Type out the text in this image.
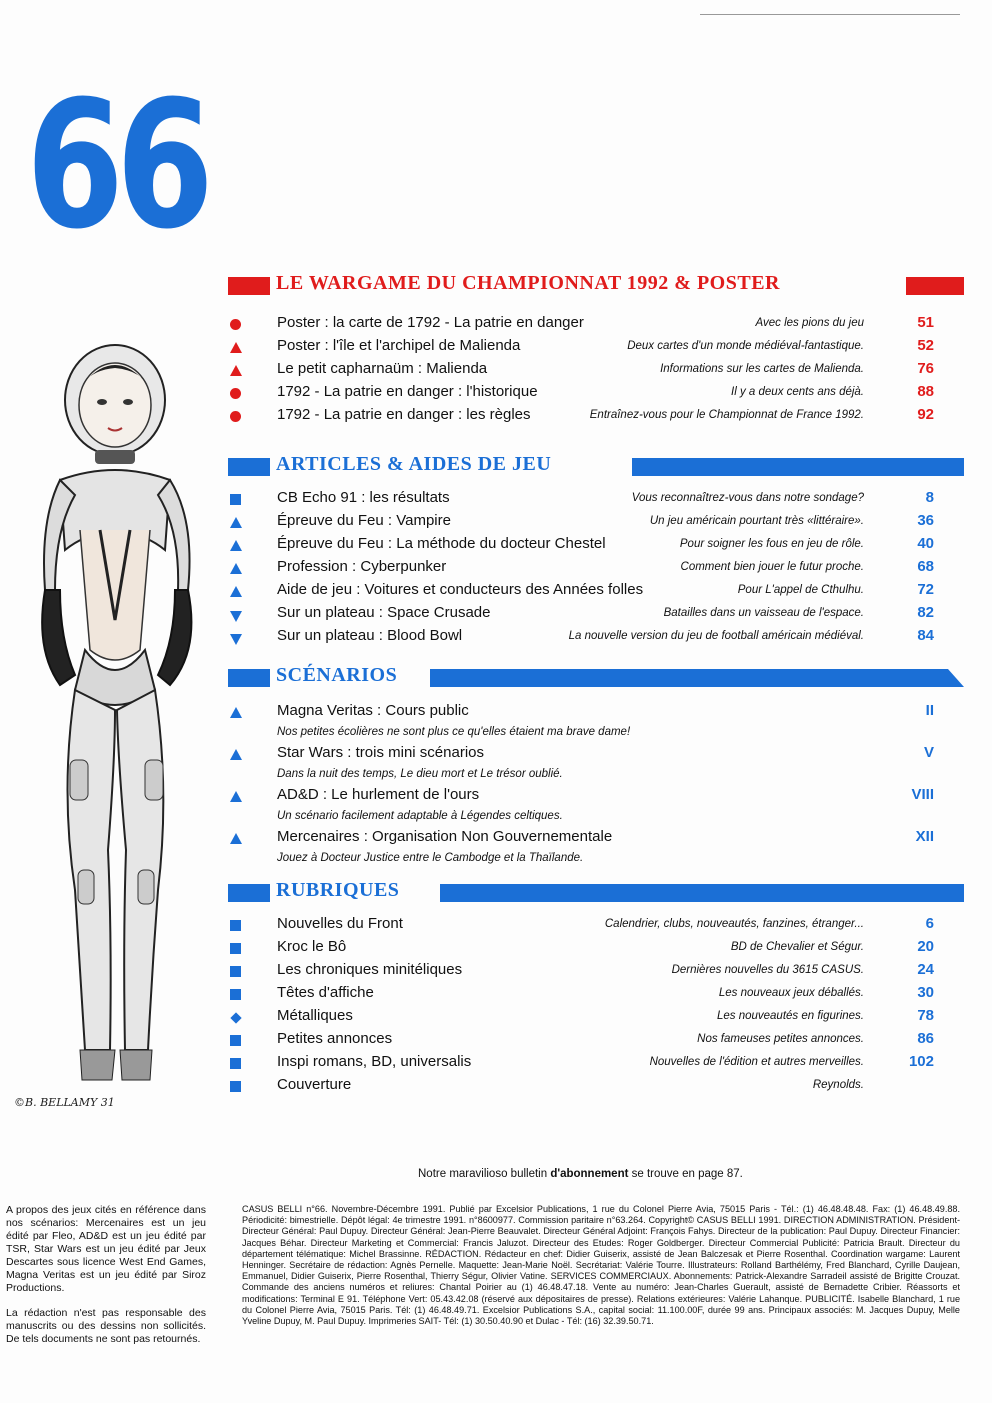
66
©B. BELLAMY 31
LE WARGAME DU CHAMPIONNAT 1992 & POSTER
Poster : la carte de 1792 - La patrie en danger	Avec les pions du jeu	51
Poster : l'île et l'archipel de Malienda	Deux cartes d'un monde médiéval-fantastique.	52
Le petit capharnaüm : Malienda	Informations sur les cartes de Malienda.	76
1792 - La patrie en danger : l'historique	Il y a deux cents ans déjà.	88
1792 - La patrie en danger : les règles	Entraînez-vous pour le Championnat de France 1992.	92
ARTICLES & AIDES DE JEU
CB Echo 91 : les résultats	Vous reconnaîtrez-vous dans notre sondage?	8
Épreuve du Feu : Vampire	Un jeu américain pourtant très «littéraire».	36
Épreuve du Feu : La méthode du docteur Chestel	Pour soigner les fous en jeu de rôle.	40
Profession : Cyberpunker	Comment bien jouer le futur proche.	68
Aide de jeu : Voitures et conducteurs des Années folles	Pour L'appel de Cthulhu.	72
Sur un plateau : Space Crusade	Batailles dans un vaisseau de l'espace.	82
Sur un plateau : Blood Bowl	La nouvelle version du jeu de football américain médiéval.	84
SCÉNARIOS
Magna Veritas : Cours public	II
Nos petites écolières ne sont plus ce qu'elles étaient ma brave dame!
Star Wars : trois mini scénarios	V
Dans la nuit des temps, Le dieu mort et Le trésor oublié.
AD&D : Le hurlement de l'ours	VIII
Un scénario facilement adaptable à Légendes celtiques.
Mercenaires : Organisation Non Gouvernementale	XII
Jouez à Docteur Justice entre le Cambodge et la Thaïlande.
RUBRIQUES
Nouvelles du Front	Calendrier, clubs, nouveautés, fanzines, étranger...	6
Kroc le Bô	BD de Chevalier et Ségur.	20
Les chroniques minitéliques	Dernières nouvelles du 3615 CASUS.	24
Têtes d'affiche	Les nouveaux jeux déballés.	30
Métalliques	Les nouveautés en figurines.	78
Petites annonces	Nos fameuses petites annonces.	86
Inspi romans, BD, universalis	Nouvelles de l'édition et autres merveilles.	102
Couverture	Reynolds.
Notre maravilioso bulletin d'abonnement se trouve en page 87.

A propos des jeux cités en référence dans nos scénarios: Mercenaires est un jeu édité par Fleo, AD&D est un jeu édité par TSR, Star Wars est un jeu édité par Jeux Descartes sous licence West End Games, Magna Veritas est un jeu édité par Siroz Productions.

La rédaction n'est pas responsable des manuscrits ou des dessins non sollicités. De tels documents ne sont pas retournés.

CASUS BELLI n°66. Novembre-Décembre 1991. Publié par Excelsior Publications, 1 rue du Colonel Pierre Avia, 75015 Paris - Tél.: (1) 46.48.48.48. Fax: (1) 46.48.49.88. Périodicité: bimestrielle. Dépôt légal: 4e trimestre 1991. n°8600977. Commission paritaire n°63.264. Copyright© CASUS BELLI 1991. DIRECTION ADMINISTRATION. Président-Directeur Général: Paul Dupuy. Directeur Général: Jean-Pierre Beauvalet. Directeur Général Adjoint: François Fahys. Directeur de la publication: Paul Dupuy. Directeur Financier: Jacques Béhar. Directeur Marketing et Commercial: Francis Jaluzot. Directeur des Etudes: Roger Goldberger. Directeur Commercial Publicité: Patricia Brault. Directeur du département télématique: Michel Brassinne. RÉDACTION. Rédacteur en chef: Didier Guiserix, assisté de Jean Balczesak et Pierre Rosenthal. Coordination wargame: Laurent Henninger. Secrétaire de rédaction: Agnès Pernelle. Maquette: Jean-Marie Noël. Secrétariat: Valérie Tourre. Illustrateurs: Rolland Barthélémy, Fred Blanchard, Cyrille Daujean, Emmanuel, Didier Guiserix, Pierre Rosenthal, Thierry Ségur, Olivier Vatine. SERVICES COMMERCIAUX. Abonnements: Patrick-Alexandre Sarradeil assisté de Brigitte Crouzat. Commande des anciens numéros et reliures: Chantal Poirier au (1) 46.48.47.18. Vente au numéro: Jean-Charles Guerault, assisté de Bernadette Cribier. Réassorts et modifications: Terminal E 91. Téléphone Vert: 05.43.42.08 (réservé aux dépositaires de presse). Relations extérieures: Valérie Lahanque. PUBLICITÉ. Isabelle Blanchard, 1 rue du Colonel Pierre Avia, 75015 Paris. Tél: (1) 46.48.49.71. Excelsior Publications S.A., capital social: 11.100.00F, durée 99 ans. Principaux associés: M. Jacques Dupuy, Melle Yveline Dupuy, M. Paul Dupuy. Imprimeries SAIT- Tél: (1) 30.50.40.90 et Dulac - Tél: (16) 32.39.50.71.
